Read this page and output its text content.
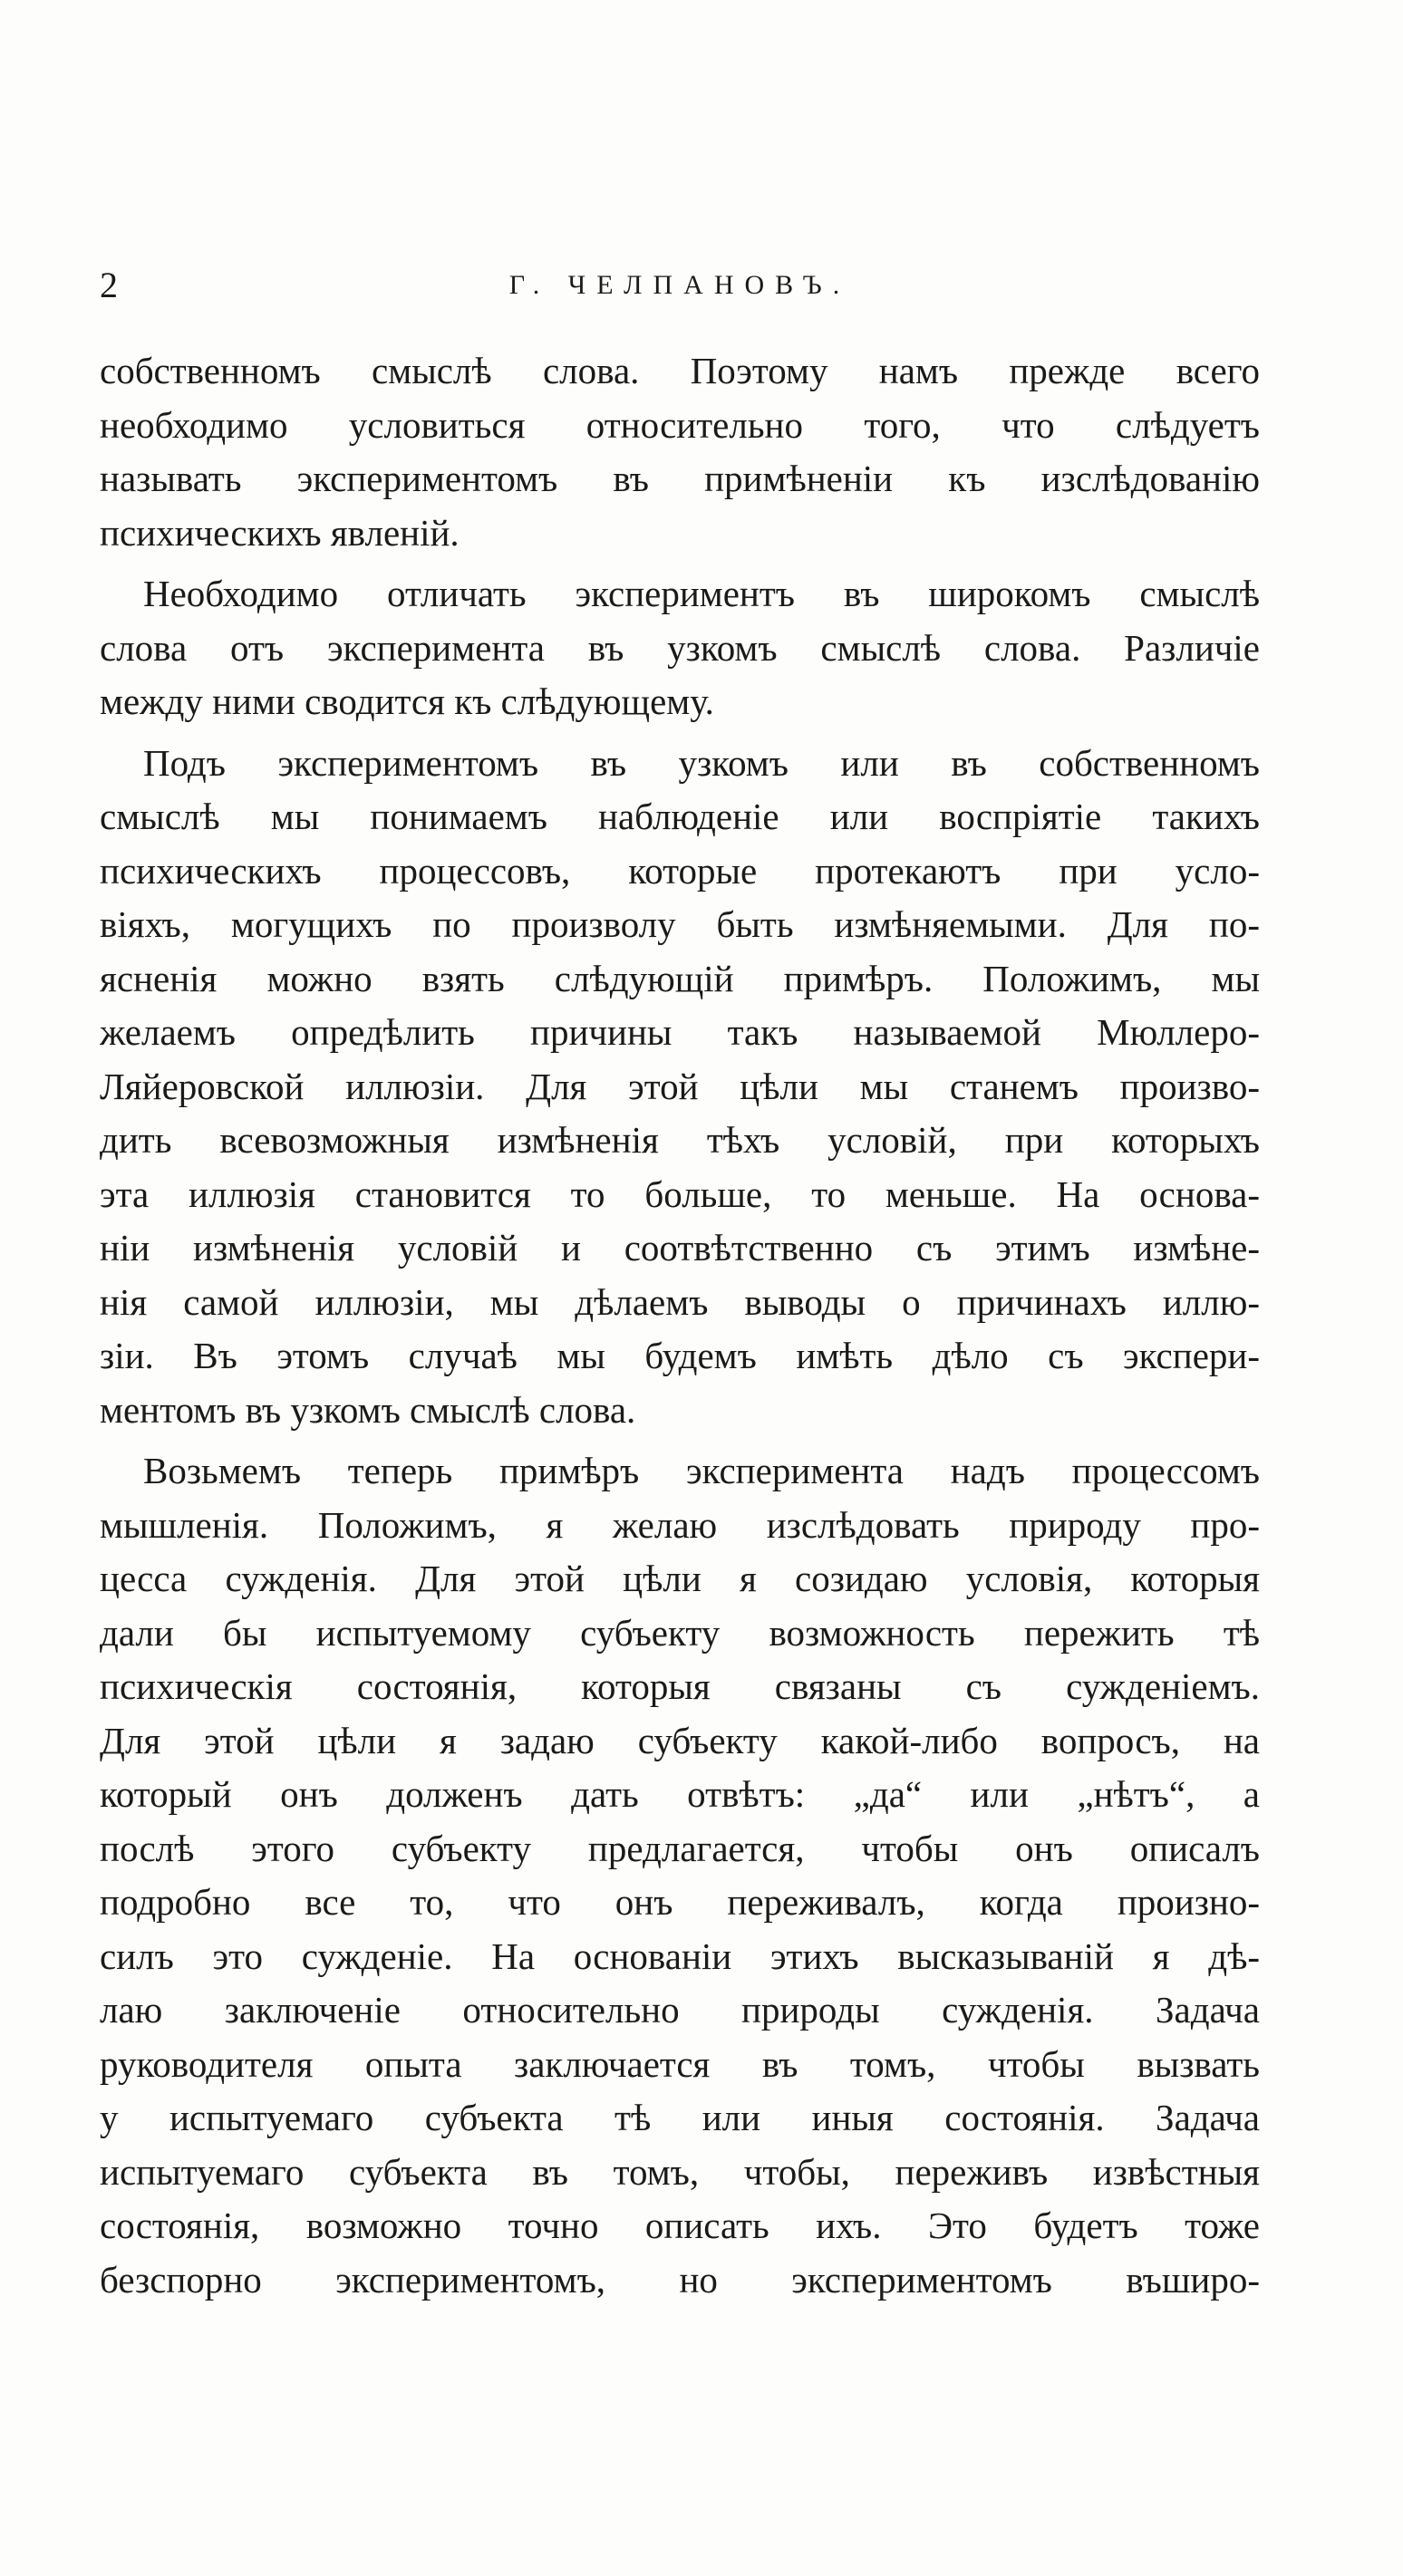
2	Г. ЧЕЛПАНОВЪ.
собственномъ смыслѣ слова. Поэтому намъ прежде всего
необходимо условиться относительно того, что слѣдуетъ
называть экспериментомъ въ примѣненіи къ изслѣдованію
психическихъ явленій.
Необходимо отличать экспериментъ въ широкомъ смыслѣ
слова отъ эксперимента въ узкомъ смыслѣ слова. Различіе
между ними сводится къ слѣдующему.
Подъ экспериментомъ въ узкомъ или въ собственномъ
смыслѣ мы понимаемъ наблюденіе или воспріятіе такихъ
психическихъ процессовъ, которые протекаютъ при усло-
віяхъ, могущихъ по произволу быть измѣняемыми. Для по-
ясненія можно взять слѣдующій примѣръ. Положимъ, мы
желаемъ опредѣлить причины такъ называемой Мюллеро-
Ляйеровской иллюзіи. Для этой цѣли мы станемъ произво-
дить всевозможныя измѣненія тѣхъ условій, при которыхъ
эта иллюзія становится то больше, то меньше. На основа-
ніи измѣненія условій и соотвѣтственно съ этимъ измѣне-
нія самой иллюзіи, мы дѣлаемъ выводы о причинахъ иллю-
зіи. Въ этомъ случаѣ мы будемъ имѣть дѣло съ экспери-
ментомъ въ узкомъ смыслѣ слова.
Возьмемъ теперь примѣръ эксперимента надъ процессомъ
мышленія. Положимъ, я желаю изслѣдовать природу про-
цесса сужденія. Для этой цѣли я созидаю условія, которыя
дали бы испытуемому субъекту возможность пережить тѣ
психическія состоянія, которыя связаны съ сужденіемъ.
Для этой цѣли я задаю субъекту какой-либо вопросъ, на
который онъ долженъ дать отвѣтъ: „да“ или „нѣтъ“, а
послѣ этого субъекту предлагается, чтобы онъ описалъ
подробно все то, что онъ переживалъ, когда произно-
силъ это сужденіе. На основаніи этихъ высказываній я дѣ-
лаю заключеніе относительно природы сужденія. Задача
руководителя опыта заключается въ томъ, чтобы вызвать
у испытуемаго субъекта тѣ или иныя состоянія. Задача
испытуемаго субъекта въ томъ, чтобы, переживъ извѣстныя
состоянія, возможно точно описать ихъ. Это будетъ тоже
безспорно экспериментомъ, но экспериментомъ въширo-
